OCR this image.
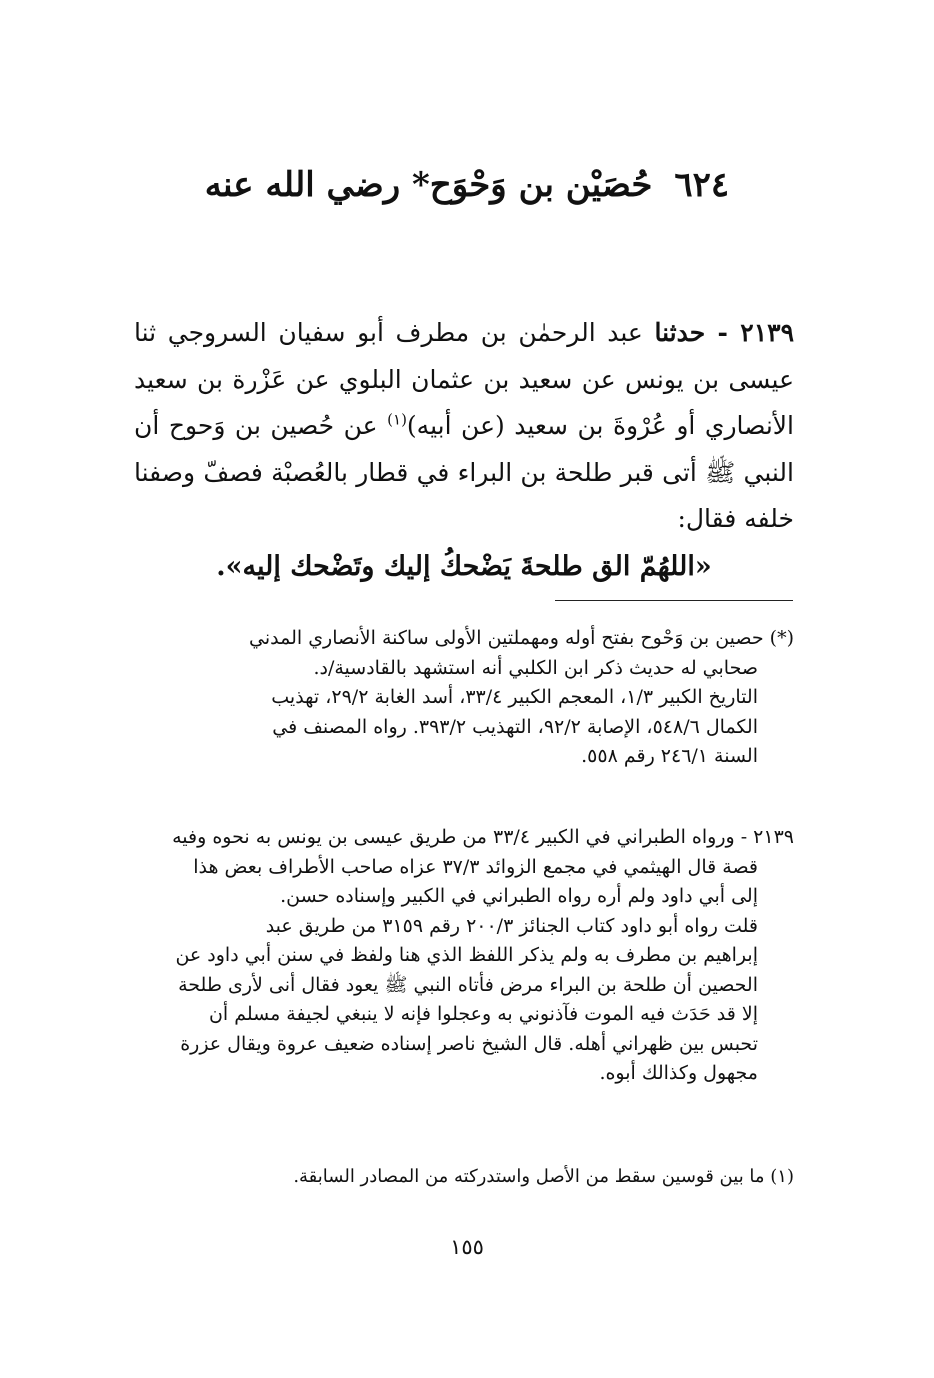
٦٢٤حُصَيْن بن وَحْوَح* رضي الله عنه

٢١٣٩ - حدثنا عبد الرحمٰن بن مطرف أبو سفيان السروجي ثنا عيسى بن يونس عن سعيد بن عثمان البلوي عن عَزْرة بن سعيد الأنصاري أو عُرْوةَ بن سعيد (عن أبيه)$^{(١)}$ عن حُصين بن وَحوح أن النبي ﷺ أتى قبر طلحة بن البراء في قطار بالعُصبْة فصفّ وصفنا خلفه فقال:

«اللهُمّ الق طلحةَ يَضْحكُ إليك وتَضْحك إليه».

(*) حصين بن وَحْوح بفتح أوله ومهملتين الأولى ساكنة الأنصاري المدني

صحابي له حديث ذكر ابن الكلبي أنه استشهد بالقادسية/د.

التاريخ الكبير ١/٣، المعجم الكبير ٣٣/٤، أسد الغابة ٢٩/٢، تهذيب

الكمال ٥٤٨/٦، الإصابة ٩٢/٢، التهذيب ٣٩٣/٢. رواه المصنف في

السنة ٢٤٦/١ رقم ٥٥٨.

٢١٣٩ - ورواه الطبراني في الكبير ٣٣/٤ من طريق عيسى بن يونس به نحوه وفيه

قصة قال الهيثمي في مجمع الزوائد ٣٧/٣ عزاه صاحب الأطراف بعض هذا

إلى أبي داود ولم أره رواه الطبراني في الكبير وإسناده حسن.

قلت رواه أبو داود كتاب الجنائز ٢٠٠/٣ رقم ٣١٥٩ من طريق عبد

إبراهيم بن مطرف به ولم يذكر اللفظ الذي هنا ولفظ في سنن أبي داود عن

الحصين أن طلحة بن البراء مرض فأتاه النبي ﷺ يعود فقال أنى لأرى طلحة

إلا قد حَدَث فيه الموت فآذنوني به وعجلوا فإنه لا ينبغي لجيفة مسلم أن

تحبس بين ظهراني أهله. قال الشيخ ناصر إسناده ضعيف عروة ويقال عزرة

مجهول وكذالك أبوه.

(١) ما بين قوسين سقط من الأصل واستدركته من المصادر السابقة.
١٥٥
